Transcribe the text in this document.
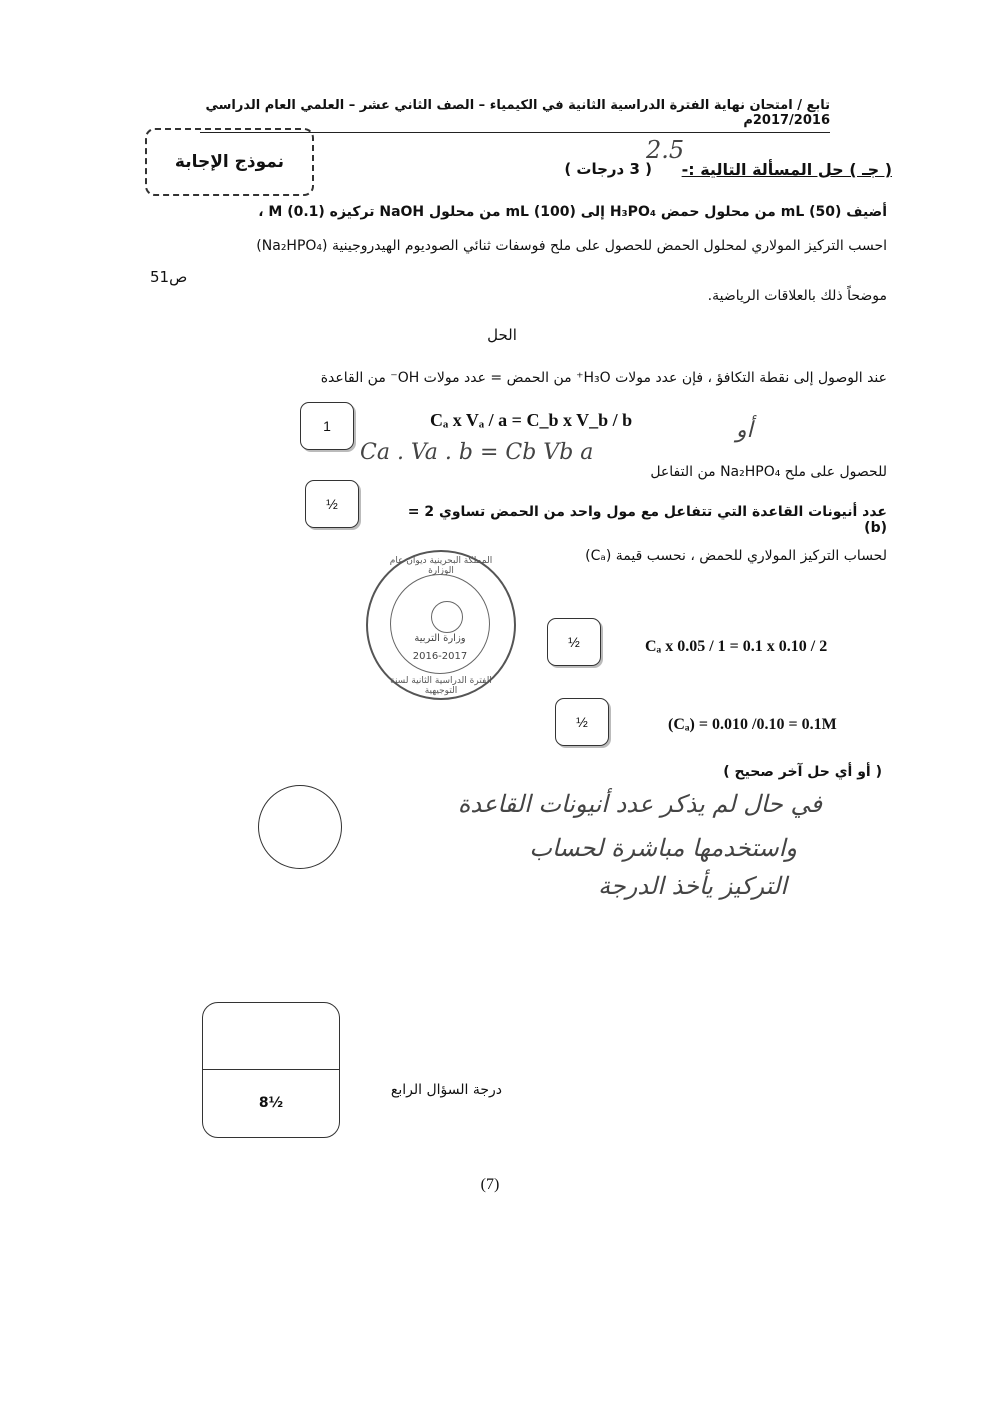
تابع / امتحان نهاية الفترة الدراسية الثانية في الكيمياء – الصف الثاني عشر – العلمي العام الدراسي 2017/2016م
نموذج الإجابة	( جـ ) حل المسألة التالية :-
( 3 درجات )
2.5
أضيف mL (50) من محلول حمض H₃PO₄ إلى mL (100) من محلول NaOH تركيزه M (0.1) ،
احسب التركيز المولاري لمحلول الحمض للحصول على ملح فوسفات ثنائي الصوديوم الهيدروجينية (Na₂HPO₄)
ص51
موضحاً ذلك بالعلاقات الرياضية.
الحل
عند الوصول إلى نقطة التكافؤ ، فإن عدد مولات H₃O⁺ من الحمض = عدد مولات OH⁻ من القاعدة
1	Cₐ x Vₐ / a = C_b x V_b / b	أو
Ca . Va . b = Cb Vb a
للحصول على ملح Na₂HPO₄ من التفاعل
½	عدد أنيونات القاعدة التي تتفاعل مع مول واحد من الحمض تساوي 2 = (b)
لحساب التركيز المولاري للحمض ، نحسب قيمة (Cₐ)
المملكة البحرينية ديوان عام الوزارة
وزارة التربية
2016-2017
الفترة الدراسية الثانية لسنة التوجيهية
½	Cₐ x 0.05 / 1 = 0.1 x 0.10 / 2
½	(Cₐ) = 0.010 /0.10 = 0.1M
( أو أي حل آخر صحيح )
في حال لم يذكر عدد أنيونات القاعدة
واستخدمها مباشرة لحساب
التركيز يأخذ الدرجة
8½
درجة السؤال الرابع
(7)
